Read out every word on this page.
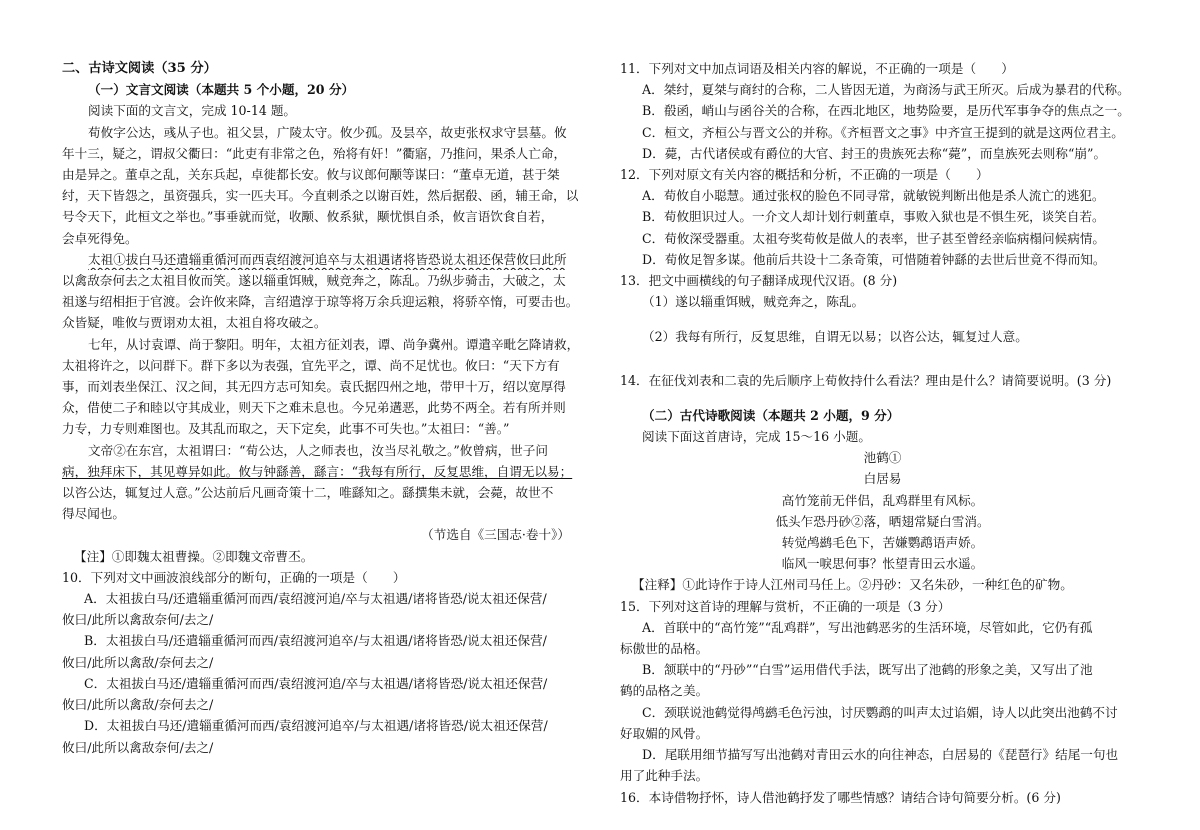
二、古诗文阅读（35 分）
（一）文言文阅读（本题共 5 个小题，20 分）
阅读下面的文言文，完成 10-14 题。
荀攸字公达，彧从子也。祖父昙，广陵太守。攸少孤。及昙卒，故吏张权求守昙墓。攸
年十三，疑之，谓叔父衢曰：“此吏有非常之色，殆将有奸！”衢寤，乃推问，果杀人亡命，
由是异之。董卓之乱，关东兵起，卓徙都长安。攸与议郎何颙等谋曰：“董卓无道，甚于桀
纣，天下皆怨之，虽资强兵，实一匹夫耳。今直刺杀之以谢百姓，然后据殽、函，辅王命，以
号令天下，此桓文之举也。”事垂就而觉，收颙、攸系狱，颙忧惧自杀，攸言语饮食自若，
会卓死得免。
太祖①拔白马还遣辎重循河而西袁绍渡河追卒与太祖遇诸将皆恐说太祖还保营攸曰此所
以禽敌奈何去之太祖目攸而笑。遂以辎重饵贼，贼竞奔之，陈乱。乃纵步骑击，大破之，太
祖遂与绍相拒于官渡。会许攸来降，言绍遣淳于琼等将万余兵迎运粮，将骄卒惰，可要击也。
众皆疑，唯攸与贾诩劝太祖，太祖自将攻破之。
七年，从讨袁谭、尚于黎阳。明年，太祖方征刘表，谭、尚争冀州。谭遣辛毗乞降请救，
太祖将许之，以问群下。群下多以为表强，宜先平之，谭、尚不足忧也。攸曰：“天下方有
事，而刘表坐保江、汉之间，其无四方志可知矣。袁氏据四州之地，带甲十万，绍以宽厚得
众，借使二子和睦以守其成业，则天下之难未息也。今兄弟遘恶，此势不两全。若有所并则
力专，力专则难图也。及其乱而取之，天下定矣，此事不可失也。”太祖曰：“善。”
文帝②在东宫，太祖谓曰：“荀公达，人之师表也，汝当尽礼敬之。”攸曾病，世子问
病，独拜床下，其见尊异如此。攸与钟繇善，繇言：“我每有所行，反复思维，自谓无以易；
以咨公达，辄复过人意。”公达前后凡画奇策十二，唯繇知之。繇撰集未就，会薨，故世不
得尽闻也。
（节选自《三国志·卷十》）
【注】①即魏太祖曹操。②即魏文帝曹丕。
10．下列对文中画波浪线部分的断句，正确的一项是（　　）
A．太祖拔白马/还遣辎重循河而西/袁绍渡河追/卒与太祖遇/诸将皆恐/说太祖还保营/
攸曰/此所以禽敌奈何/去之/
B．太祖拔白马/还遣辎重循河而西/袁绍渡河追卒/与太祖遇/诸将皆恐/说太祖还保营/
攸曰/此所以禽敌/奈何去之/
C．太祖拔白马还/遣辎重循河而西/袁绍渡河追/卒与太祖遇/诸将皆恐/说太祖还保营/
攸曰/此所以禽敌/奈何去之/
D．太祖拔白马还/遣辎重循河而西/袁绍渡河追卒/与太祖遇/诸将皆恐/说太祖还保营/
攸曰/此所以禽敌奈何/去之/
11．下列对文中加点词语及相关内容的解说，不正确的一项是（　　）
A．桀纣，夏桀与商纣的合称，二人皆因无道，为商汤与武王所灭。后成为暴君的代称。
B．殽函，峭山与函谷关的合称，在西北地区，地势险要，是历代军事争夺的焦点之一。
C．桓文，齐桓公与晋文公的并称。《齐桓晋文之事》中齐宣王提到的就是这两位君主。
D．薨，古代诸侯或有爵位的大官、封王的贵族死去称“薨”，而皇族死去则称“崩”。
12．下列对原文有关内容的概括和分析，不正确的一项是（　　）
A．荀攸自小聪慧。通过张权的脸色不同寻常，就敏锐判断出他是杀人流亡的逃犯。
B．荀攸胆识过人。一介文人却计划行刺董卓，事败入狱也是不惧生死，谈笑自若。
C．荀攸深受器重。太祖夸奖荀攸是做人的表率，世子甚至曾经亲临病榻问候病情。
D．荀攸足智多谋。他前后共设十二条奇策，可惜随着钟繇的去世后世竟不得而知。
13．把文中画横线的句子翻译成现代汉语。(8 分)
（1）遂以辎重饵贼，贼竞奔之，陈乱。
（2）我每有所行，反复思维，自谓无以易；以咨公达，辄复过人意。
14．在征伐刘表和二袁的先后顺序上荀攸持什么看法？理由是什么？请简要说明。(3 分)
（二）古代诗歌阅读（本题共 2 小题，9 分）
阅读下面这首唐诗，完成 15～16 小题。
池鹤①
白居易
高竹笼前无伴侣，乱鸡群里有风标。
低头乍恐丹砂②落，晒翅常疑白雪消。
转觉鸬鹚毛色下，苦嫌鹦鹉语声娇。
临风一唳思何事？怅望青田云水遥。
【注释】①此诗作于诗人江州司马任上。②丹砂：又名朱砂，一种红色的矿物。
15．下列对这首诗的理解与赏析，不正确的一项是（3 分）
A．首联中的“高竹笼”“乱鸡群”，写出池鹤恶劣的生活环境，尽管如此，它仍有孤
标傲世的品格。
B．颔联中的“丹砂”“白雪”运用借代手法，既写出了池鹤的形象之美，又写出了池
鹤的品格之美。
C．颈联说池鹤觉得鸬鹚毛色污浊，讨厌鹦鹉的叫声太过谄媚，诗人以此突出池鹤不讨
好取媚的风骨。
D．尾联用细节描写写出池鹤对青田云水的向往神态，白居易的《琵琶行》结尾一句也
用了此种手法。
16．本诗借物抒怀，诗人借池鹤抒发了哪些情感？请结合诗句简要分析。(6 分)
